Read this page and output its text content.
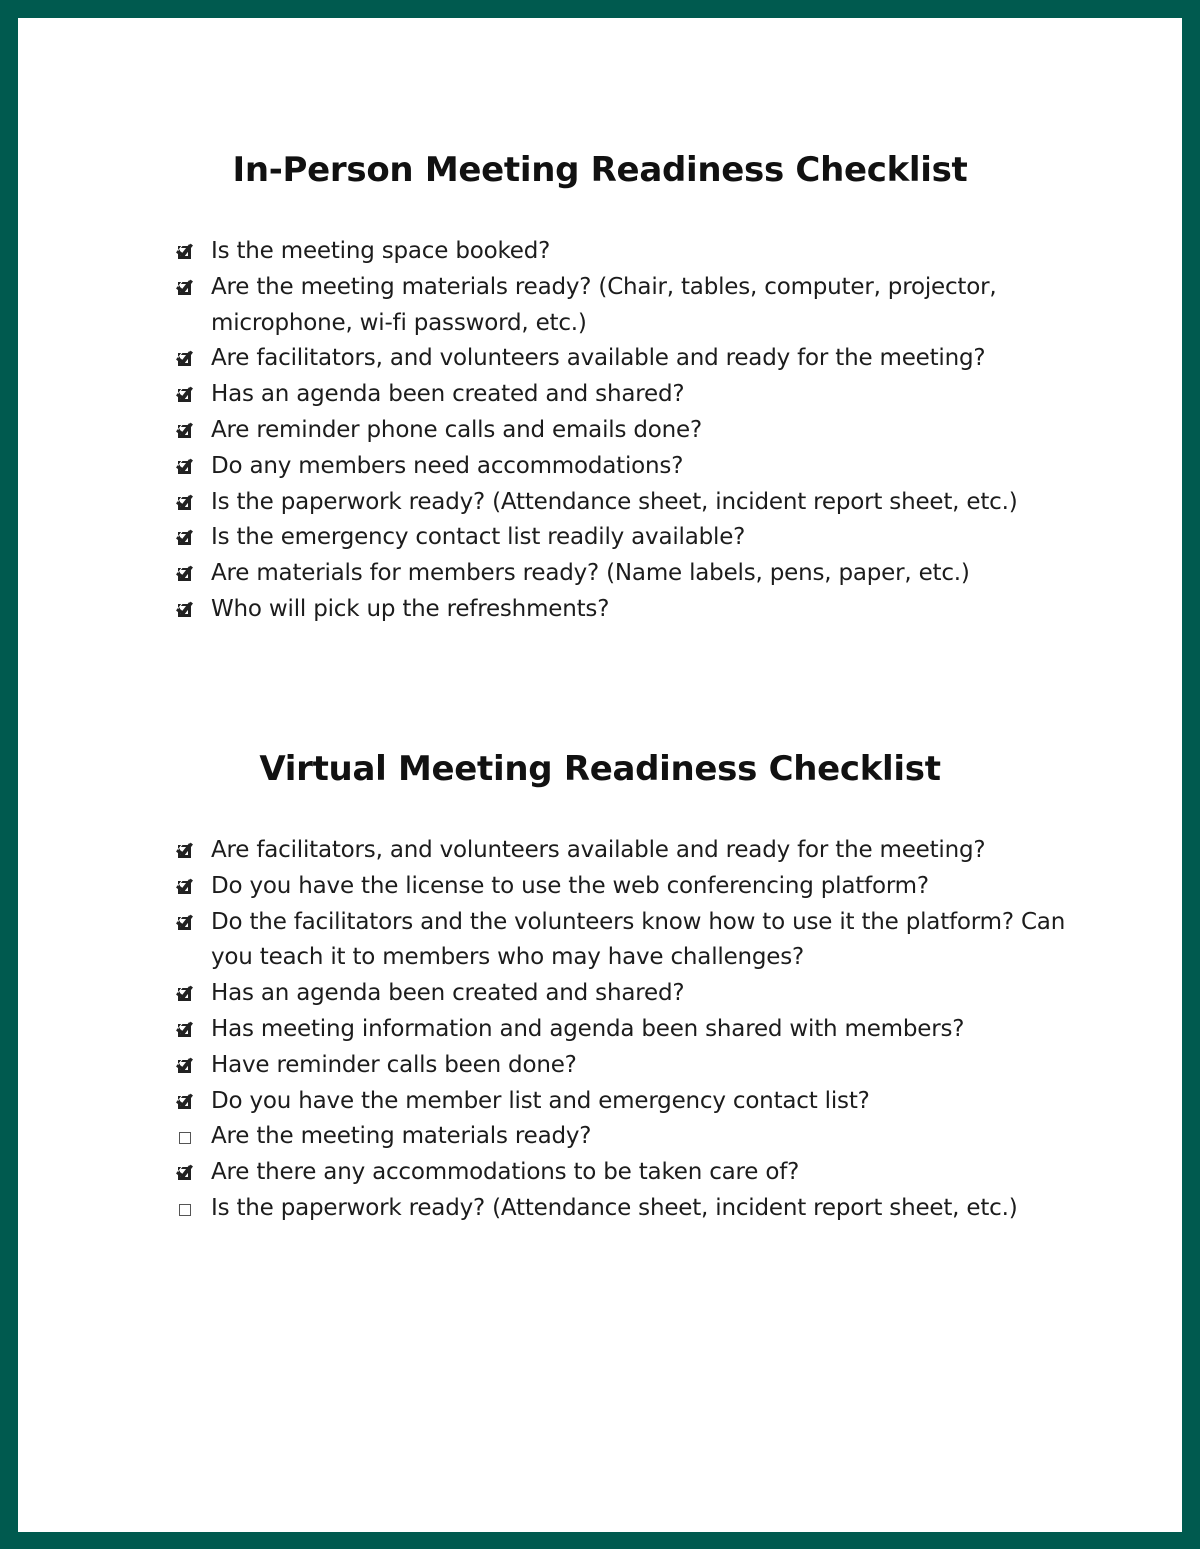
In-Person Meeting Readiness Checklist
Is the meeting space booked?
Are the meeting materials ready? (Chair, tables, computer, projector, microphone, wi-fi password, etc.)
Are facilitators, and volunteers available and ready for the meeting?
Has an agenda been created and shared?
Are reminder phone calls and emails done?
Do any members need accommodations?
Is the paperwork ready? (Attendance sheet, incident report sheet, etc.)
Is the emergency contact list readily available?
Are materials for members ready? (Name labels, pens, paper, etc.)
Who will pick up the refreshments?
Virtual Meeting Readiness Checklist
Are facilitators, and volunteers available and ready for the meeting?
Do you have the license to use the web conferencing platform?
Do the facilitators and the volunteers know how to use it the platform? Can you teach it to members who may have challenges?
Has an agenda been created and shared?
Has meeting information and agenda been shared with members?
Have reminder calls been done?
Do you have the member list and emergency contact list?
Are the meeting materials ready?
Are there any accommodations to be taken care of?
Is the paperwork ready? (Attendance sheet, incident report sheet, etc.)
